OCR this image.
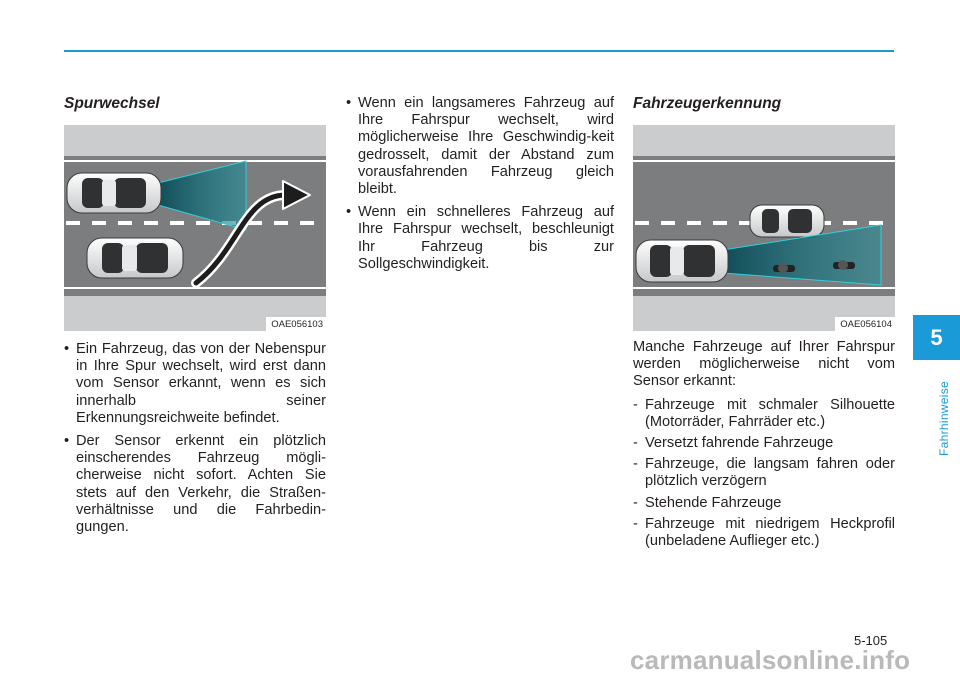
Spurwechsel
OAE056103
• Ein Fahrzeug, das von der Nebenspur in Ihre Spur wechselt, wird erst dann vom Sensor erkannt, wenn es sich innerhalb seiner Erkennungsreichweite befindet.
• Der Sensor erkennt ein plötzlich einscherendes Fahrzeug mögli-cherweise nicht sofort. Achten Sie stets auf den Verkehr, die Straßen-verhältnisse und die Fahrbedin-gungen.
• Wenn ein langsameres Fahrzeug auf Ihre Fahrspur wechselt, wird möglicherweise Ihre Geschwindig-keit gedrosselt, damit der Abstand zum vorausfahrenden Fahrzeug gleich bleibt.
• Wenn ein schnelleres Fahrzeug auf Ihre Fahrspur wechselt, beschleunigt Ihr Fahrzeug bis zur Sollgeschwindigkeit.
Fahrzeugerkennung
OAE056104

Manche Fahrzeuge auf Ihrer Fahrspur werden möglicherweise nicht vom Sensor erkannt:

- Fahrzeuge mit schmaler Silhouette (Motorräder, Fahrräder etc.)
- Versetzt fahrende Fahrzeuge
- Fahrzeuge, die langsam fahren oder plötzlich verzögern
- Stehende Fahrzeuge
- Fahrzeuge mit niedrigem Heckprofil (unbeladene Auflieger etc.)
5
Fahrhinweise
5-105
carmanualsonline.info
